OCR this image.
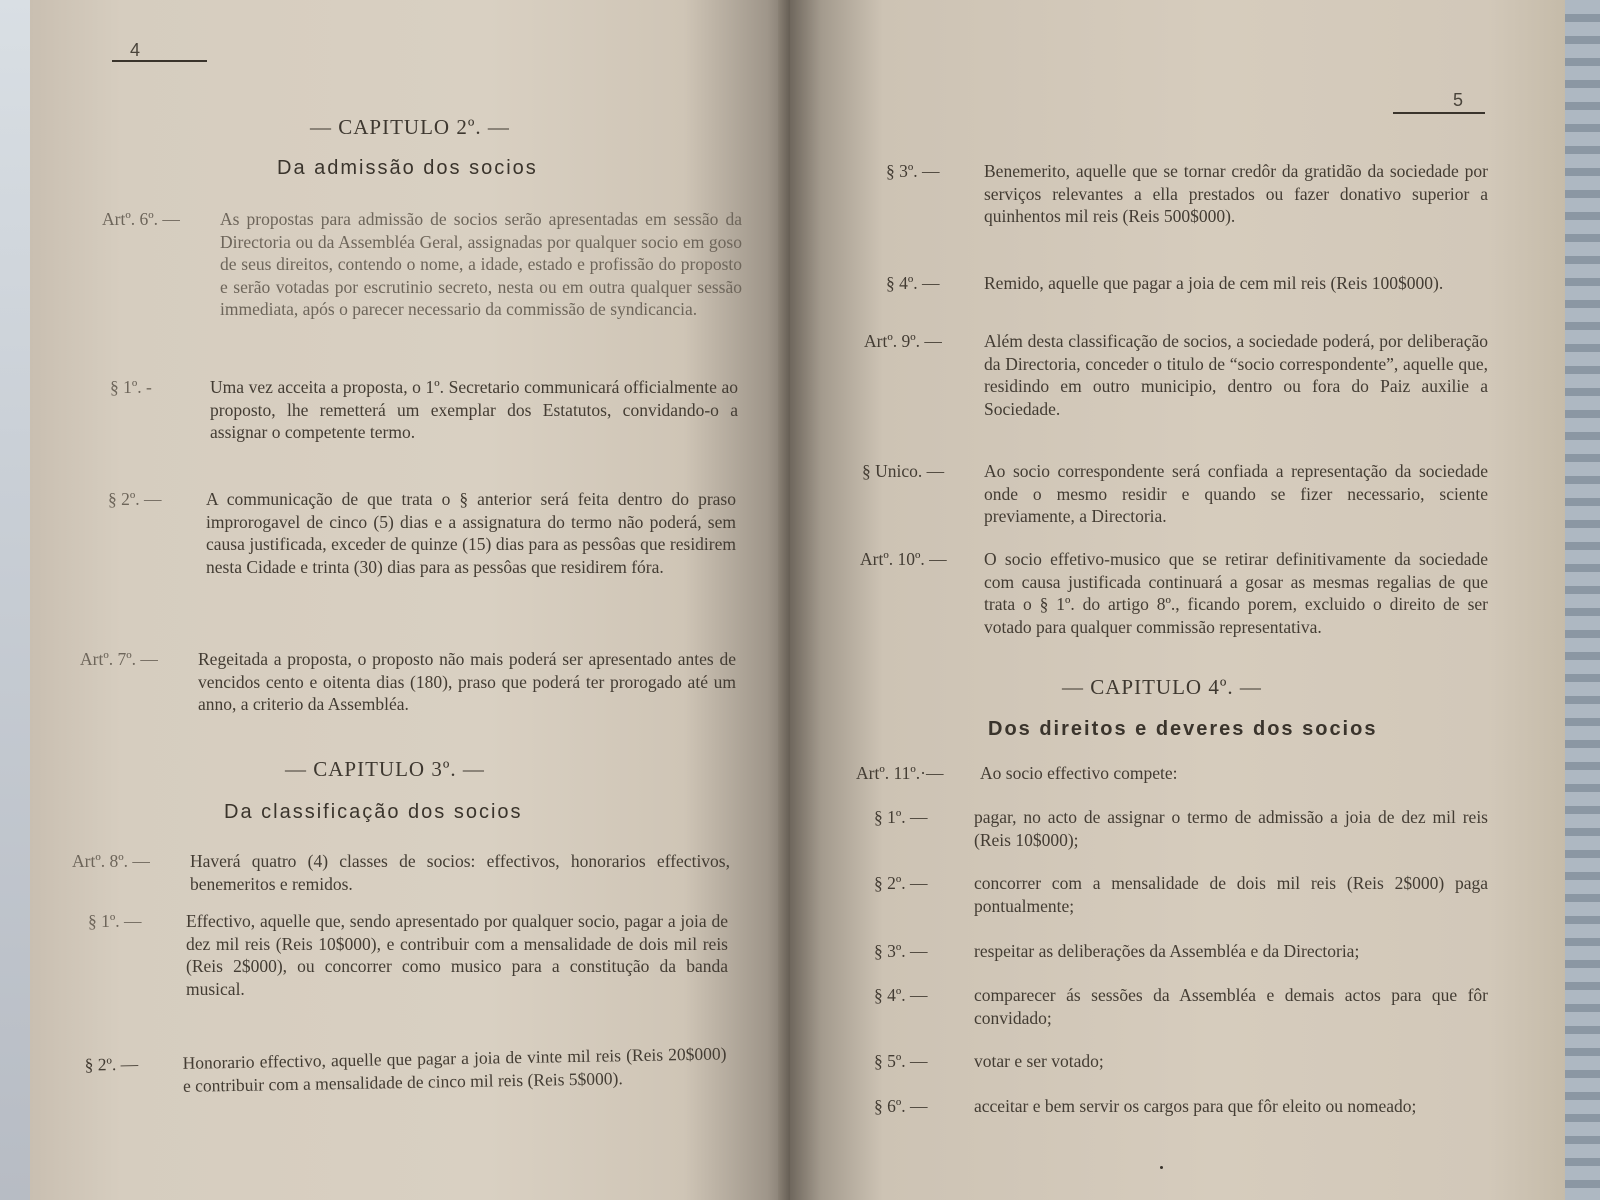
4
— CAPITULO 2º. —
Da admissão dos socios
Artº. 6º. — As propostas para admissão de socios serão apresentadas em sessão da Directoria ou da Assembléa Geral, assignadas por qualquer socio em goso de seus direitos, contendo o nome, a idade, estado e profissão do proposto e serão votadas por escrutinio secreto, nesta ou em outra qualquer sessão immediata, após o parecer necessario da commissão de syndicancia.
§ 1º. -	Uma vez acceita a proposta, o 1º. Secretario communicará officialmente ao proposto, lhe remetterá um exemplar dos Estatutos, convidando-o a assignar o competente termo.
§ 2º. —	A communicação de que trata o § anterior será feita dentro do praso improrogavel de cinco (5) dias e a assignatura do termo não poderá, sem causa justificada, exceder de quinze (15) dias para as pessôas que residirem nesta Cidade e trinta (30) dias para as pessôas que residirem fóra.
Artº. 7º. — Regeitada a proposta, o proposto não mais poderá ser apresentado antes de vencidos cento e oitenta dias (180), praso que poderá ter prorogado até um anno, a criterio da Assembléa.
— CAPITULO 3º. —
Da classificação dos socios
Artº. 8º. — Haverá quatro (4) classes de socios: effectivos, honorarios effectivos, benemeritos e remidos.
§ 1º. —	Effectivo, aquelle que, sendo apresentado por qualquer socio, pagar a joia de dez mil reis (Reis 10$000), e contribuir com a mensalidade de dois mil reis (Reis 2$000), ou concorrer como musico para a constitução da banda musical.
§ 2º. —	Honorario effectivo, aquelle que pagar a joia de vinte mil reis (Reis 20$000) e contribuir com a mensalidade de cinco mil reis (Reis 5$000).
5
§ 3º. —	Benemerito, aquelle que se tornar credôr da gratidão da sociedade por serviços relevantes a ella prestados ou fazer donativo superior a quinhentos mil reis (Reis 500$000).
§ 4º. —	Remido, aquelle que pagar a joia de cem mil reis (Reis 100$000).
Artº. 9º. — Além desta classificação de socios, a sociedade poderá, por deliberação da Directoria, conceder o titulo de “socio correspondente”, aquelle que, residindo em outro municipio, dentro ou fora do Paiz auxilie a Sociedade.
§ Unico. — Ao socio correspondente será confiada a representação da sociedade onde o mesmo residir e quando se fizer necessario, sciente previamente, a Directoria.
Artº. 10º. — O socio effetivo-musico que se retirar definitivamente da sociedade com causa justificada continuará a gosar as mesmas regalias de que trata o § 1º. do artigo 8º., ficando porem, excluido o direito de ser votado para qualquer commissão representativa.
— CAPITULO 4º. —
Dos direitos e deveres dos socios
Artº. 11º.·— Ao socio effectivo compete:
§ 1º. —	pagar, no acto de assignar o termo de admissão a joia de dez mil reis (Reis 10$000);
§ 2º. —	concorrer com a mensalidade de dois mil reis (Reis 2$000) paga pontualmente;
§ 3º. —	respeitar as deliberações da Assembléa e da Directoria;
§ 4º. —	comparecer ás sessões da Assembléa e demais actos para que fôr convidado;
§ 5º. —	votar e ser votado;
§ 6º. —	acceitar e bem servir os cargos para que fôr eleito ou nomeado;
